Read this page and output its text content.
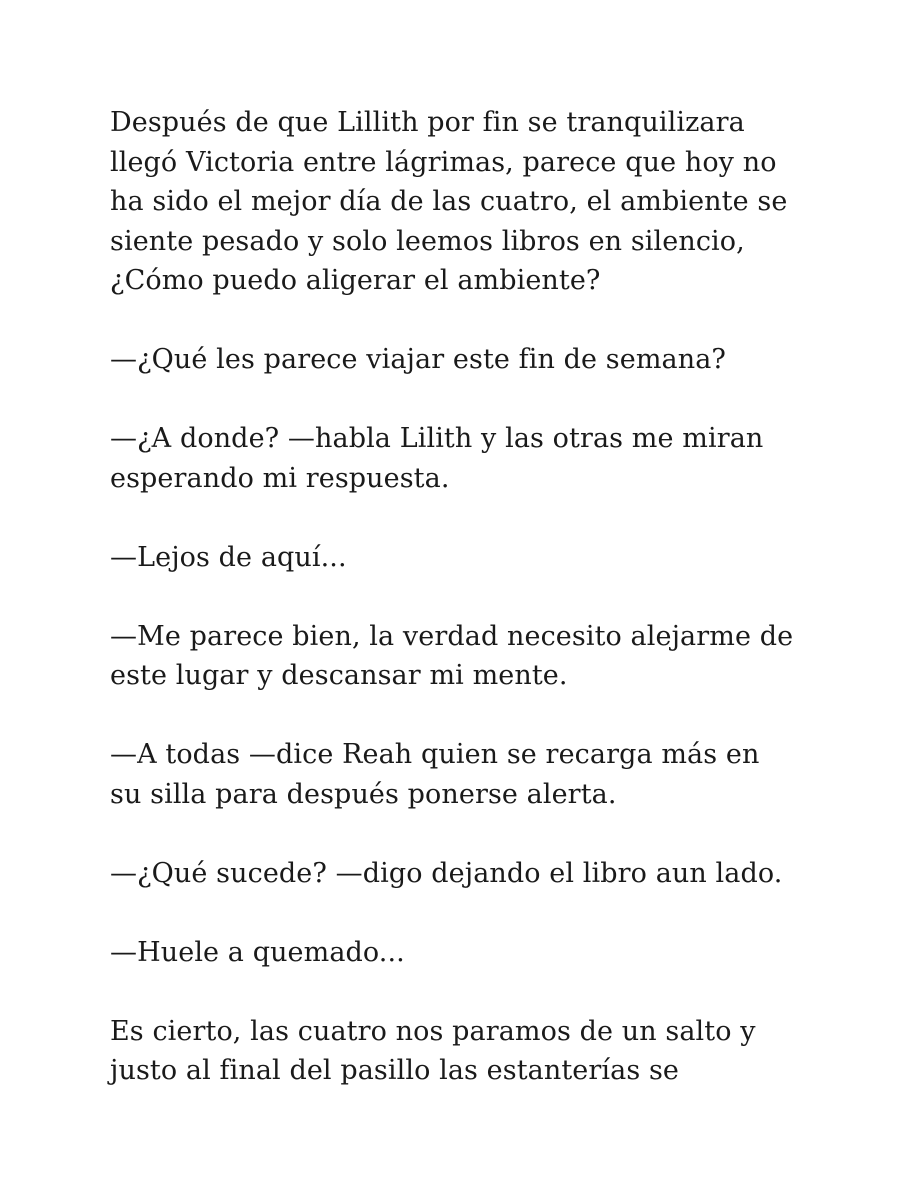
Después de que Lillith por fin se tranquilizara
llegó Victoria entre lágrimas, parece que hoy no
ha sido el mejor día de las cuatro, el ambiente se
siente pesado y solo leemos libros en silencio,
¿Cómo puedo aligerar el ambiente?

—¿Qué les parece viajar este fin de semana?

—¿A donde? —habla Lilith y las otras me miran
esperando mi respuesta.

—Lejos de aquí...

—Me parece bien, la verdad necesito alejarme de
este lugar y descansar mi mente.

—A todas —dice Reah quien se recarga más en
su silla para después ponerse alerta.

—¿Qué sucede? —digo dejando el libro aun lado.

—Huele a quemado...

Es cierto, las cuatro nos paramos de un salto y
justo al final del pasillo las estanterías se
